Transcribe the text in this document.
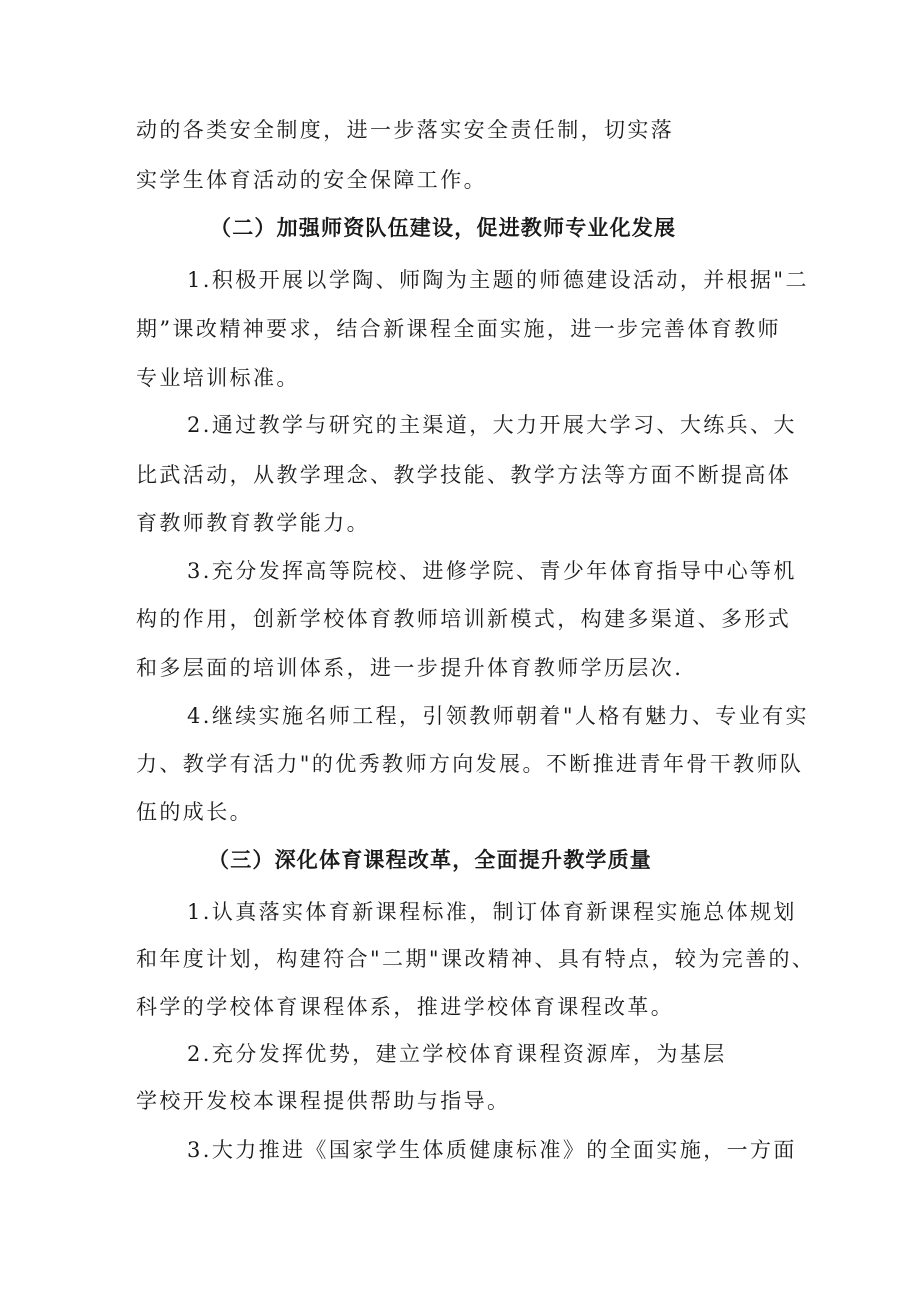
动的各类安全制度，进一步落实安全责任制，切实落
实学生体育活动的安全保障工作。
（二）加强师资队伍建设，促进教师专业化发展
1.积极开展以学陶、师陶为主题的师德建设活动，并根据"二
期”课改精神要求，结合新课程全面实施，进一步完善体育教师
专业培训标准。
2.通过教学与研究的主渠道，大力开展大学习、大练兵、大
比武活动，从教学理念、教学技能、教学方法等方面不断提高体
育教师教育教学能力。
3.充分发挥高等院校、进修学院、青少年体育指导中心等机
构的作用，创新学校体育教师培训新模式，构建多渠道、多形式
和多层面的培训体系，进一步提升体育教师学历层次.
4.继续实施名师工程，引领教师朝着"人格有魅力、专业有实
力、教学有活力"的优秀教师方向发展。不断推进青年骨干教师队
伍的成长。
（三）深化体育课程改革，全面提升教学质量
1.认真落实体育新课程标准，制订体育新课程实施总体规划
和年度计划，构建符合"二期"课改精神、具有特点，较为完善的、
科学的学校体育课程体系，推进学校体育课程改革。
2.充分发挥优势，建立学校体育课程资源库，为基层
学校开发校本课程提供帮助与指导。
3.大力推进《国家学生体质健康标准》的全面实施，一方面
